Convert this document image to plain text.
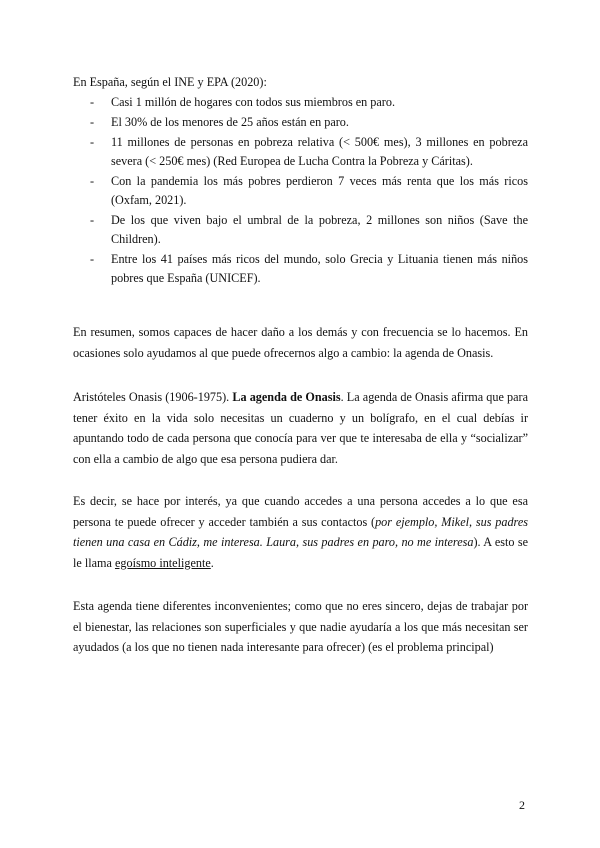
En España, según el INE y EPA (2020):
- Casi 1 millón de hogares con todos sus miembros en paro.
- El 30% de los menores de 25 años están en paro.
- 11 millones de personas en pobreza relativa (< 500€ mes), 3 millones en pobreza severa (< 250€ mes) (Red Europea de Lucha Contra la Pobreza y Cáritas).
- Con la pandemia los más pobres perdieron 7 veces más renta que los más ricos (Oxfam, 2021).
- De los que viven bajo el umbral de la pobreza, 2 millones son niños (Save the Children).
- Entre los 41 países más ricos del mundo, solo Grecia y Lituania tienen más niños pobres que España (UNICEF).

En resumen, somos capaces de hacer daño a los demás y con frecuencia se lo hacemos. En ocasiones solo ayudamos al que puede ofrecernos algo a cambio: la agenda de Onasis.

Aristóteles Onasis (1906-1975). La agenda de Onasis. La agenda de Onasis afirma que para tener éxito en la vida solo necesitas un cuaderno y un bolígrafo, en el cual debías ir apuntando todo de cada persona que conocía para ver que te interesaba de ella y “socializar” con ella a cambio de algo que esa persona pudiera dar.

Es decir, se hace por interés, ya que cuando accedes a una persona accedes a lo que esa persona te puede ofrecer y acceder también a sus contactos (por ejemplo, Mikel, sus padres tienen una casa en Cádiz, me interesa. Laura, sus padres en paro, no me interesa). A esto se le llama egoísmo inteligente.

Esta agenda tiene diferentes inconvenientes; como que no eres sincero, dejas de trabajar por el bienestar, las relaciones son superficiales y que nadie ayudaría a los que más necesitan ser ayudados (a los que no tienen nada interesante para ofrecer) (es el problema principal)

2
